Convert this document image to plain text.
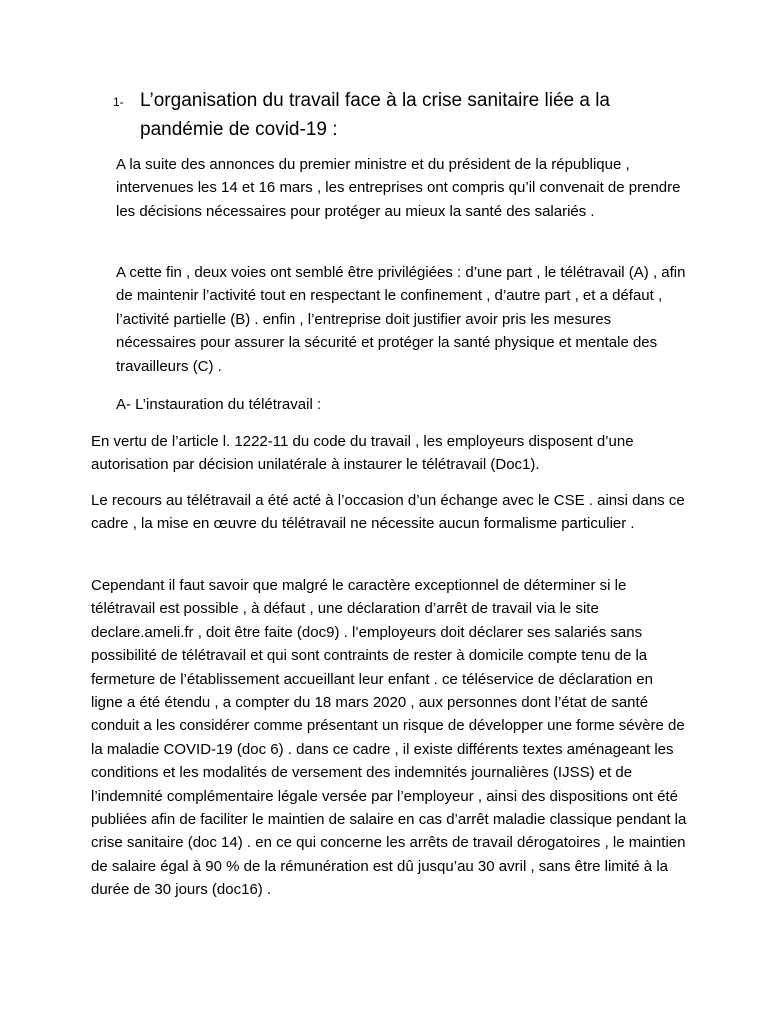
1- L’organisation du travail face à la crise sanitaire liée a la pandémie de covid-19 :

A la suite des annonces du premier ministre et du président de la république , intervenues les 14 et 16 mars , les entreprises ont compris qu’il convenait de prendre les décisions nécessaires pour protéger au mieux la santé des salariés .

A cette fin , deux voies ont semblé être privilégiées : d’une part , le télétravail (A) , afin de maintenir l’activité tout en respectant le confinement , d’autre part , et a défaut , l’activité partielle (B) . enfin , l’entreprise doit justifier avoir pris les mesures nécessaires pour assurer la sécurité et protéger la santé physique et mentale des travailleurs (C) .

A- L’instauration du télétravail :

En vertu de l’article l. 1222-11 du code du travail , les employeurs disposent d’une autorisation par décision unilatérale à instaurer le télétravail (Doc1).

Le recours au télétravail a été acté à l’occasion d’un échange avec le CSE . ainsi dans ce cadre , la mise en œuvre du télétravail ne nécessite aucun formalisme particulier .

Cependant il faut savoir que malgré le caractère exceptionnel de déterminer si le télétravail est possible , à défaut , une déclaration d’arrêt de travail via le site declare.ameli.fr , doit être faite (doc9) . l’employeurs doit déclarer ses salariés sans possibilité de télétravail et qui sont contraints de rester à domicile compte tenu de la fermeture de l’établissement accueillant leur enfant . ce téléservice de déclaration en ligne a été étendu , a compter du 18 mars 2020 , aux personnes dont l’état de santé conduit a les considérer comme présentant un risque de développer une forme sévère de la maladie COVID-19 (doc 6) . dans ce cadre , il existe différents textes aménageant les conditions et les modalités de versement des indemnités journalières (IJSS) et de l’indemnité complémentaire légale versée par l’employeur , ainsi des dispositions ont été publiées afin de faciliter le maintien de salaire en cas d’arrêt maladie classique pendant la crise sanitaire (doc 14) . en ce qui concerne les arrêts de travail dérogatoires , le maintien de salaire égal à 90 % de la rémunération est dû jusqu’au 30 avril , sans être limité à la durée de 30 jours (doc16) .
